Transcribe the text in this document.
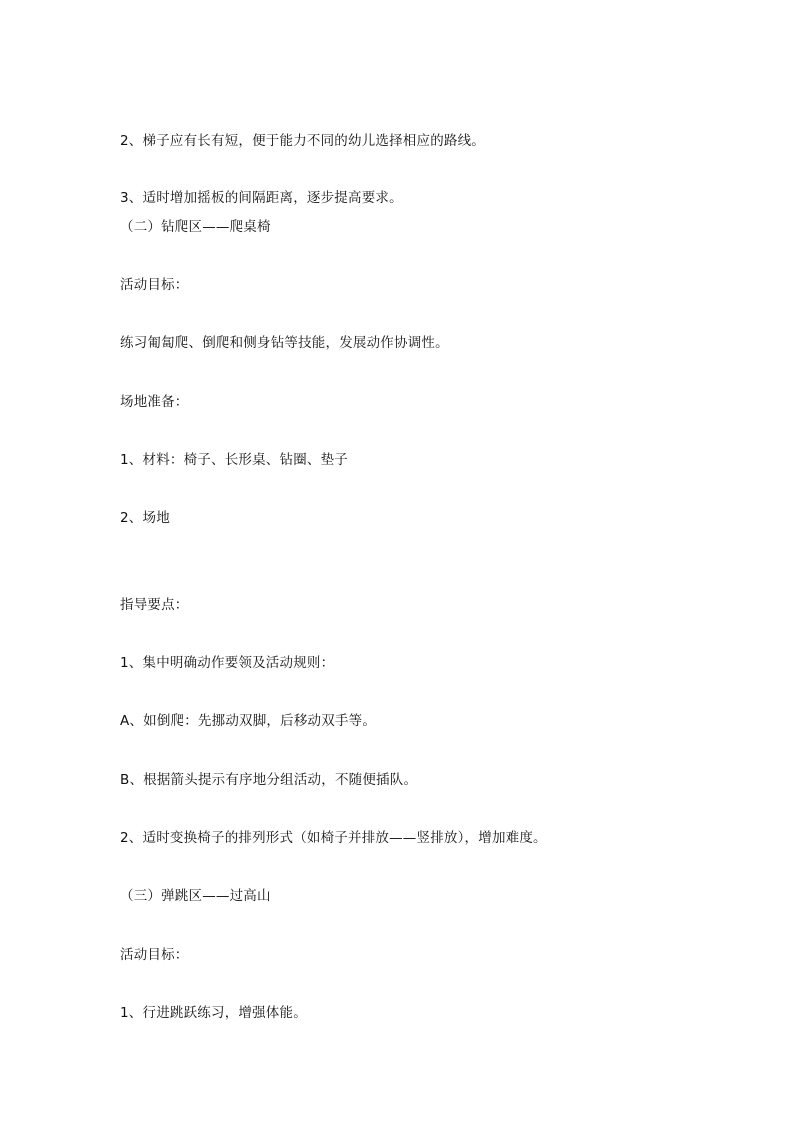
2、梯子应有长有短，便于能力不同的幼儿选择相应的路线。
3、适时增加摇板的间隔距离，逐步提高要求。
（二）钻爬区——爬桌椅
活动目标：
练习匍匐爬、倒爬和侧身钻等技能，发展动作协调性。
场地准备：
1、材料：椅子、长形桌、钻圈、垫子
2、场地
指导要点：
1、集中明确动作要领及活动规则：
A、如倒爬：先挪动双脚，后移动双手等。
B、根据箭头提示有序地分组活动，不随便插队。
2、适时变换椅子的排列形式（如椅子并排放——竖排放），增加难度。
（三）弹跳区——过高山
活动目标：
1、行进跳跃练习，增强体能。
